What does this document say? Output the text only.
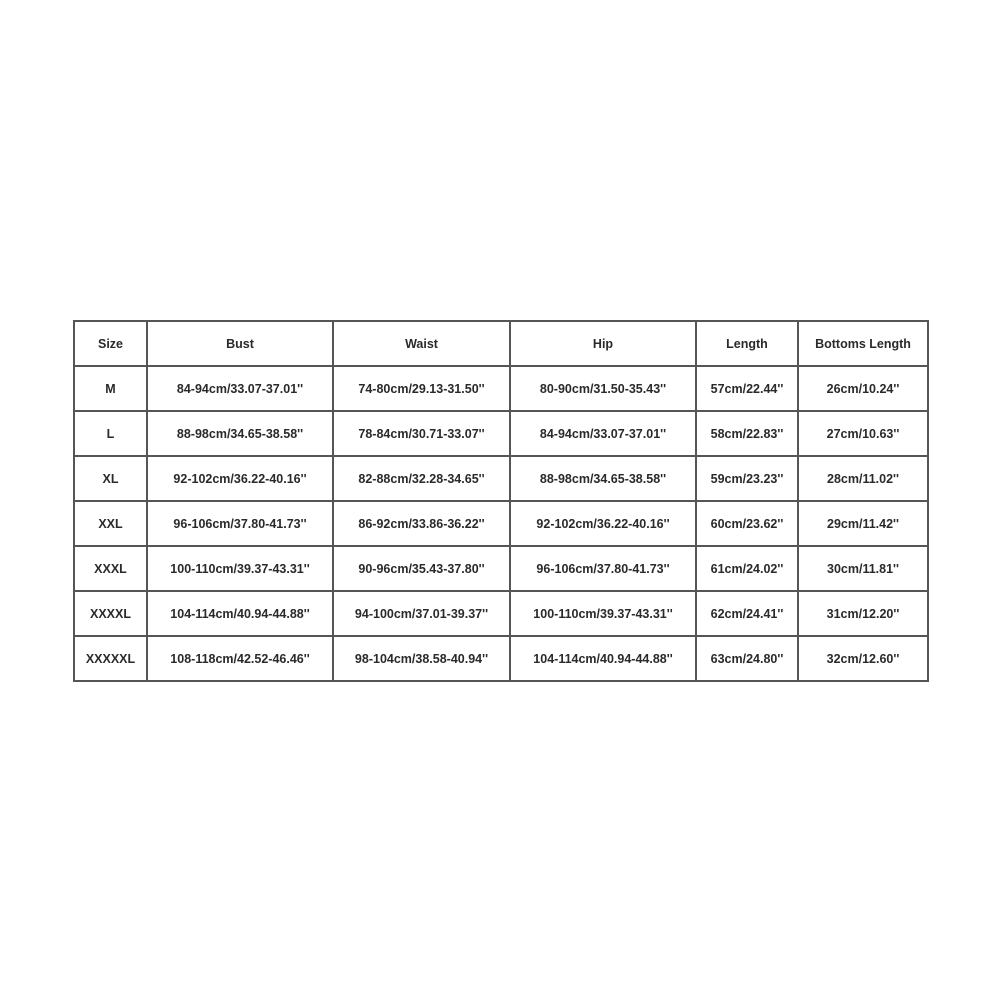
Size	Bust	Waist	Hip	Length	Bottoms Length
M	84-94cm/33.07-37.01''	74-80cm/29.13-31.50''	80-90cm/31.50-35.43''	57cm/22.44''	26cm/10.24''
L	88-98cm/34.65-38.58''	78-84cm/30.71-33.07''	84-94cm/33.07-37.01''	58cm/22.83''	27cm/10.63''
XL	92-102cm/36.22-40.16''	82-88cm/32.28-34.65''	88-98cm/34.65-38.58''	59cm/23.23''	28cm/11.02''
XXL	96-106cm/37.80-41.73''	86-92cm/33.86-36.22''	92-102cm/36.22-40.16''	60cm/23.62''	29cm/11.42''
XXXL	100-110cm/39.37-43.31''	90-96cm/35.43-37.80''	96-106cm/37.80-41.73''	61cm/24.02''	30cm/11.81''
XXXXL	104-114cm/40.94-44.88''	94-100cm/37.01-39.37''	100-110cm/39.37-43.31''	62cm/24.41''	31cm/12.20''
XXXXXL	108-118cm/42.52-46.46''	98-104cm/38.58-40.94''	104-114cm/40.94-44.88''	63cm/24.80''	32cm/12.60''
